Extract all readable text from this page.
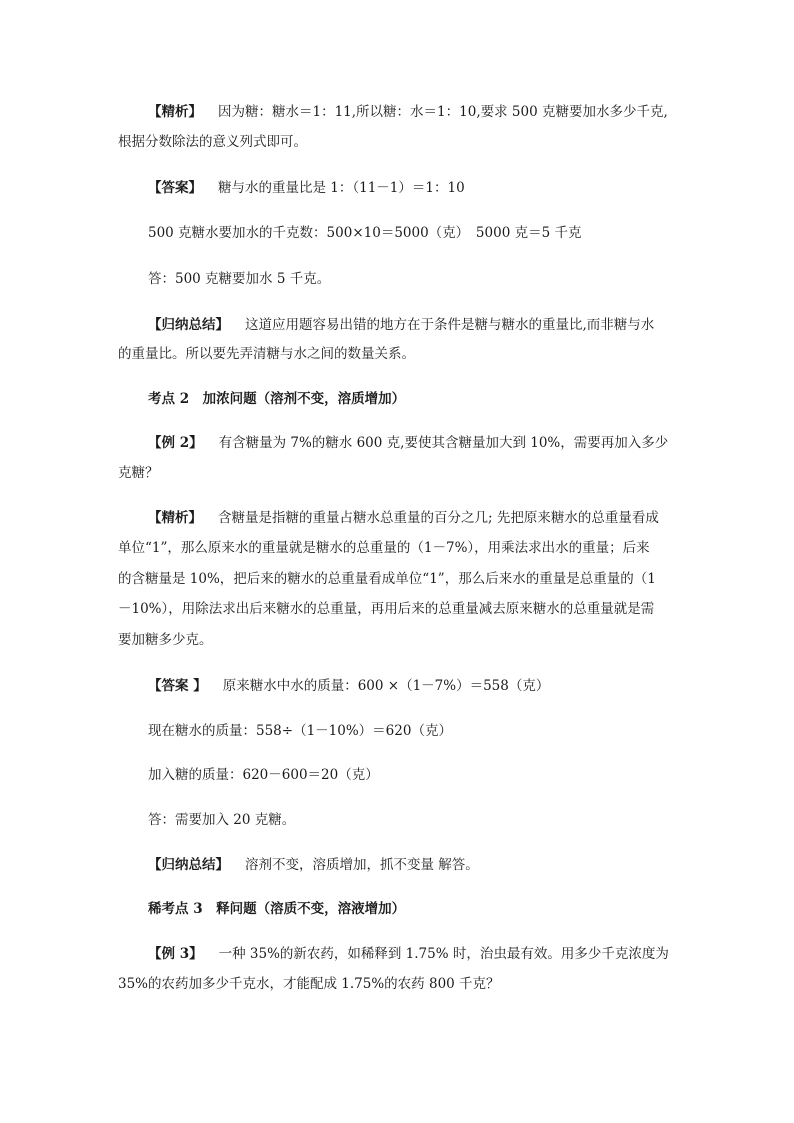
【精析】 因为糖：糖水＝1：11,所以糖：水＝1：10,要求 500 克糖要加水多少千克,

根据分数除法的意义列式即可。

【答案】 糖与水的重量比是 1：（11－1）＝1：10

500 克糖水要加水的千克数：500×10＝5000（克）　5000 克＝5 千克

答：500 克糖要加水 5 千克。

【归纳总结】 这道应用题容易出错的地方在于条件是糖与糖水的重量比,而非糖与水

的重量比。所以要先弄清糖与水之间的数量关系。

考点 2　加浓问题（溶剂不变，溶质增加）

【例 2】 有含糖量为 7%的糖水 600 克,要使其含糖量加大到 10%，需要再加入多少

克糖？

【精析】 含糖量是指糖的重量占糖水总重量的百分之几; 先把原来糖水的总重量看成

单位“1”，那么原来水的重量就是糖水的总重量的（1－7%），用乘法求出水的重量；后来

的含糖量是 10%，把后来的糖水的总重量看成单位“1”，那么后来水的重量是总重量的（1

－10%），用除法求出后来糖水的总重量，再用后来的总重量减去原来糖水的总重量就是需

要加糖多少克。

【答案 】 原来糖水中水的质量：600 ×（1－7%）＝558（克）

现在糖水的质量：558÷（1－10%）＝620（克）

加入糖的质量：620－600＝20（克）

答：需要加入 20 克糖。

【归纳总结】 溶剂不变，溶质增加，抓不变量 解答。

稀考点 3　释问题（溶质不变，溶液增加）

【例 3】 一种 35%的新农药，如稀释到 1.75% 时，治虫最有效。用多少千克浓度为

35%的农药加多少千克水，才能配成 1.75%的农药 800 千克？
